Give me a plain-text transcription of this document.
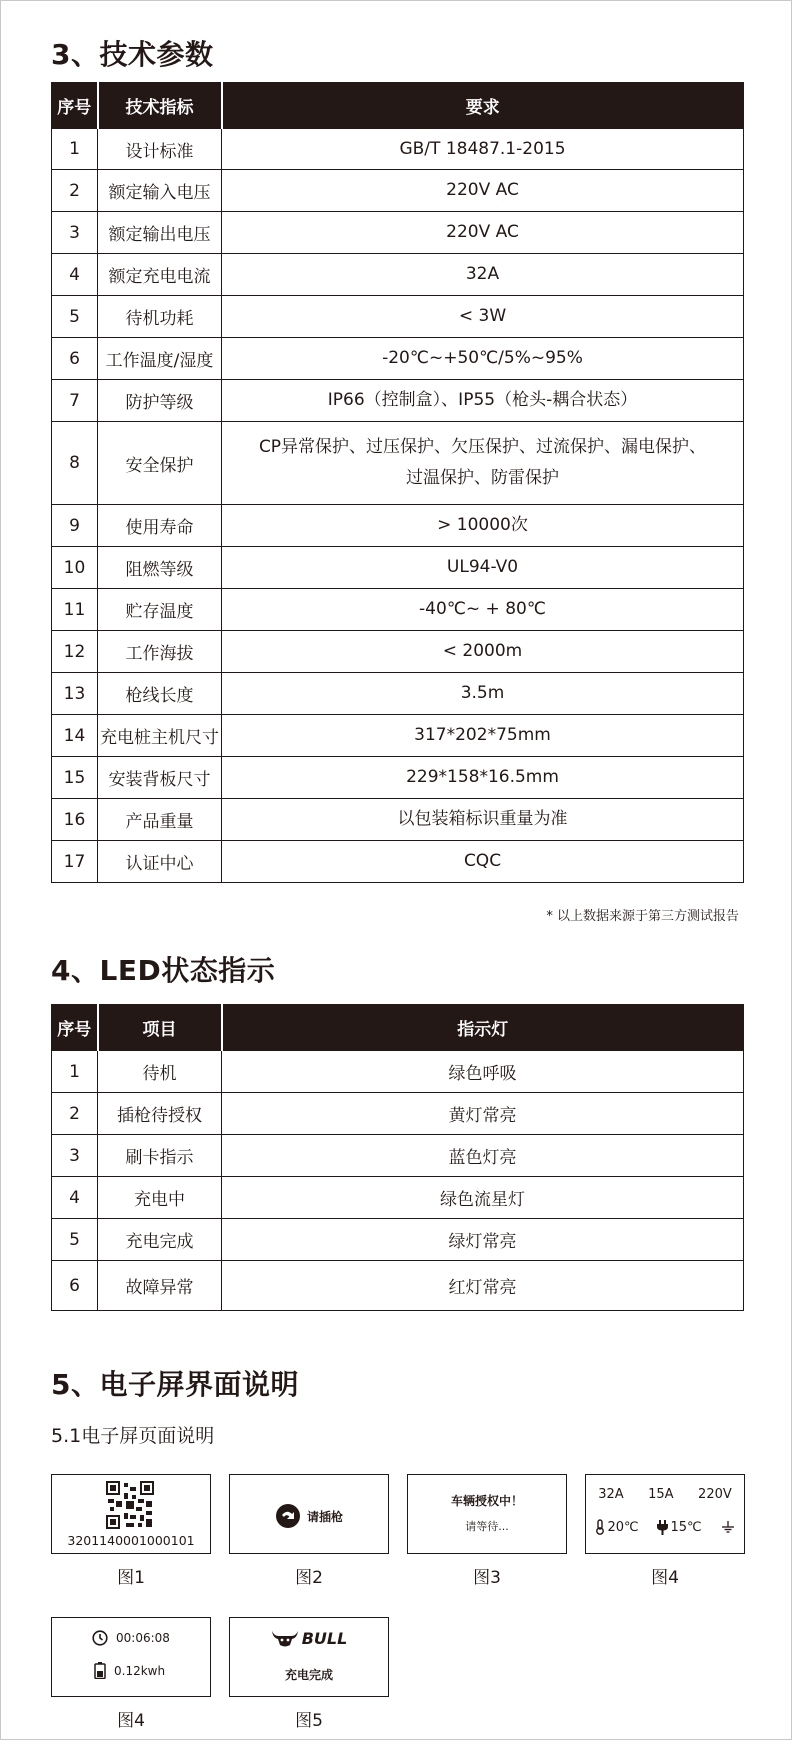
3、技术参数
序号	技术指标	要求
1	设计标准	GB/T 18487.1-2015

2	额定输入电压	220V AC

3	额定输出电压	220V AC

4	额定充电电流	32A

5	待机功耗	< 3W

6	工作温度/湿度	-20℃~+50℃/5%~95%

7	防护等级	IP66（控制盒）、IP55（枪头-耦合状态）

8	安全保护	CP异常保护、过压保护、欠压保护、过流保护、漏电保护、
过温保护、防雷保护

9	使用寿命	> 10000次

10	阻燃等级	UL94-V0

11	贮存温度	-40℃~ + 80℃

12	工作海拔	< 2000m

13	枪线长度	3.5m

14	充电桩主机尺寸	317*202*75mm

15	安装背板尺寸	229*158*16.5mm

16	产品重量	以包装箱标识重量为准

17	认证中心	CQC
* 以上数据来源于第三方测试报告
4、LED状态指示
序号	项目	指示灯
1	待机	绿色呼吸
2	插枪待授权	黄灯常亮
3	刷卡指示	蓝色灯亮
4	充电中	绿色流星灯
5	充电完成	绿灯常亮
6	故障异常	红灯常亮
5、电子屏界面说明
5.1电子屏页面说明
3201140001000101
图1
请插枪
图2
车辆授权中！
请等待...
图3
32A 15A 220V
20℃ 15℃
图4
00:06:08
0.12kwh
图4
BULL
充电完成
图5
